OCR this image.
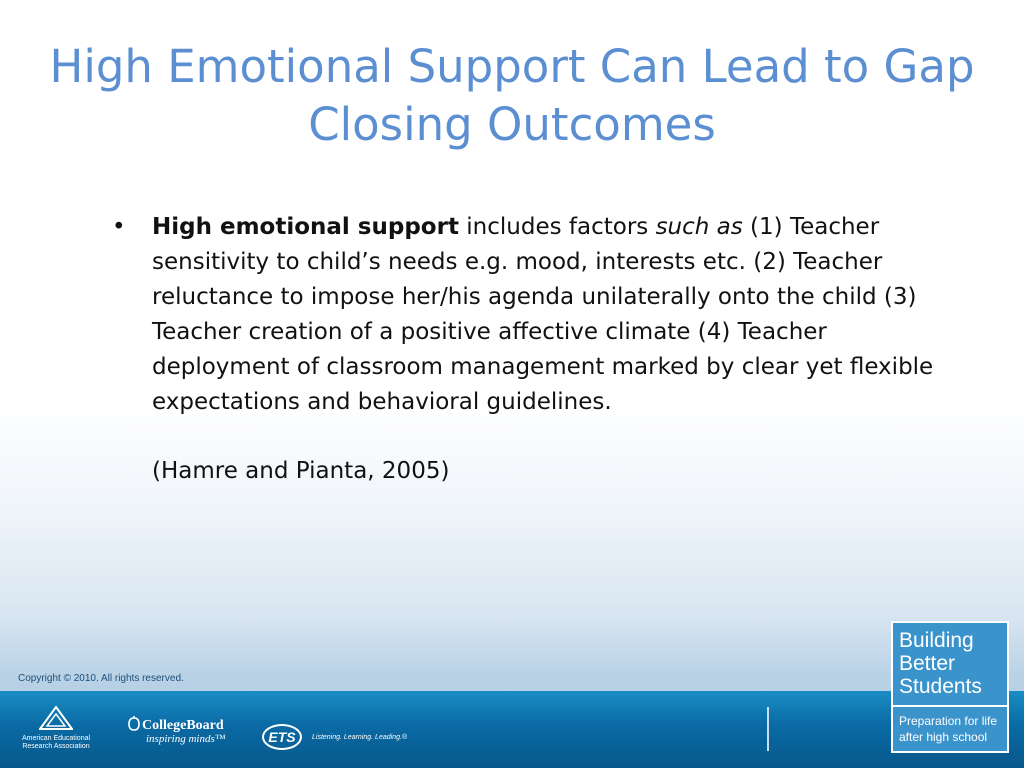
High Emotional Support Can Lead to Gap Closing Outcomes
•	High emotional support includes factors such as (1) Teacher sensitivity to child’s needs e.g. mood, interests etc. (2) Teacher reluctance to impose her/his agenda unilaterally onto the child (3) Teacher creation of a positive affective climate (4) Teacher deployment of classroom management marked by clear yet flexible expectations and behavioral guidelines.
(Hamre and Pianta, 2005)
Copyright © 2010. All rights reserved.
American Educational
Research Association
CollegeBoard
inspiring minds™	ETS	Listening. Learning. Leading.®
Building
Better
Students
Preparation for life
after high school
